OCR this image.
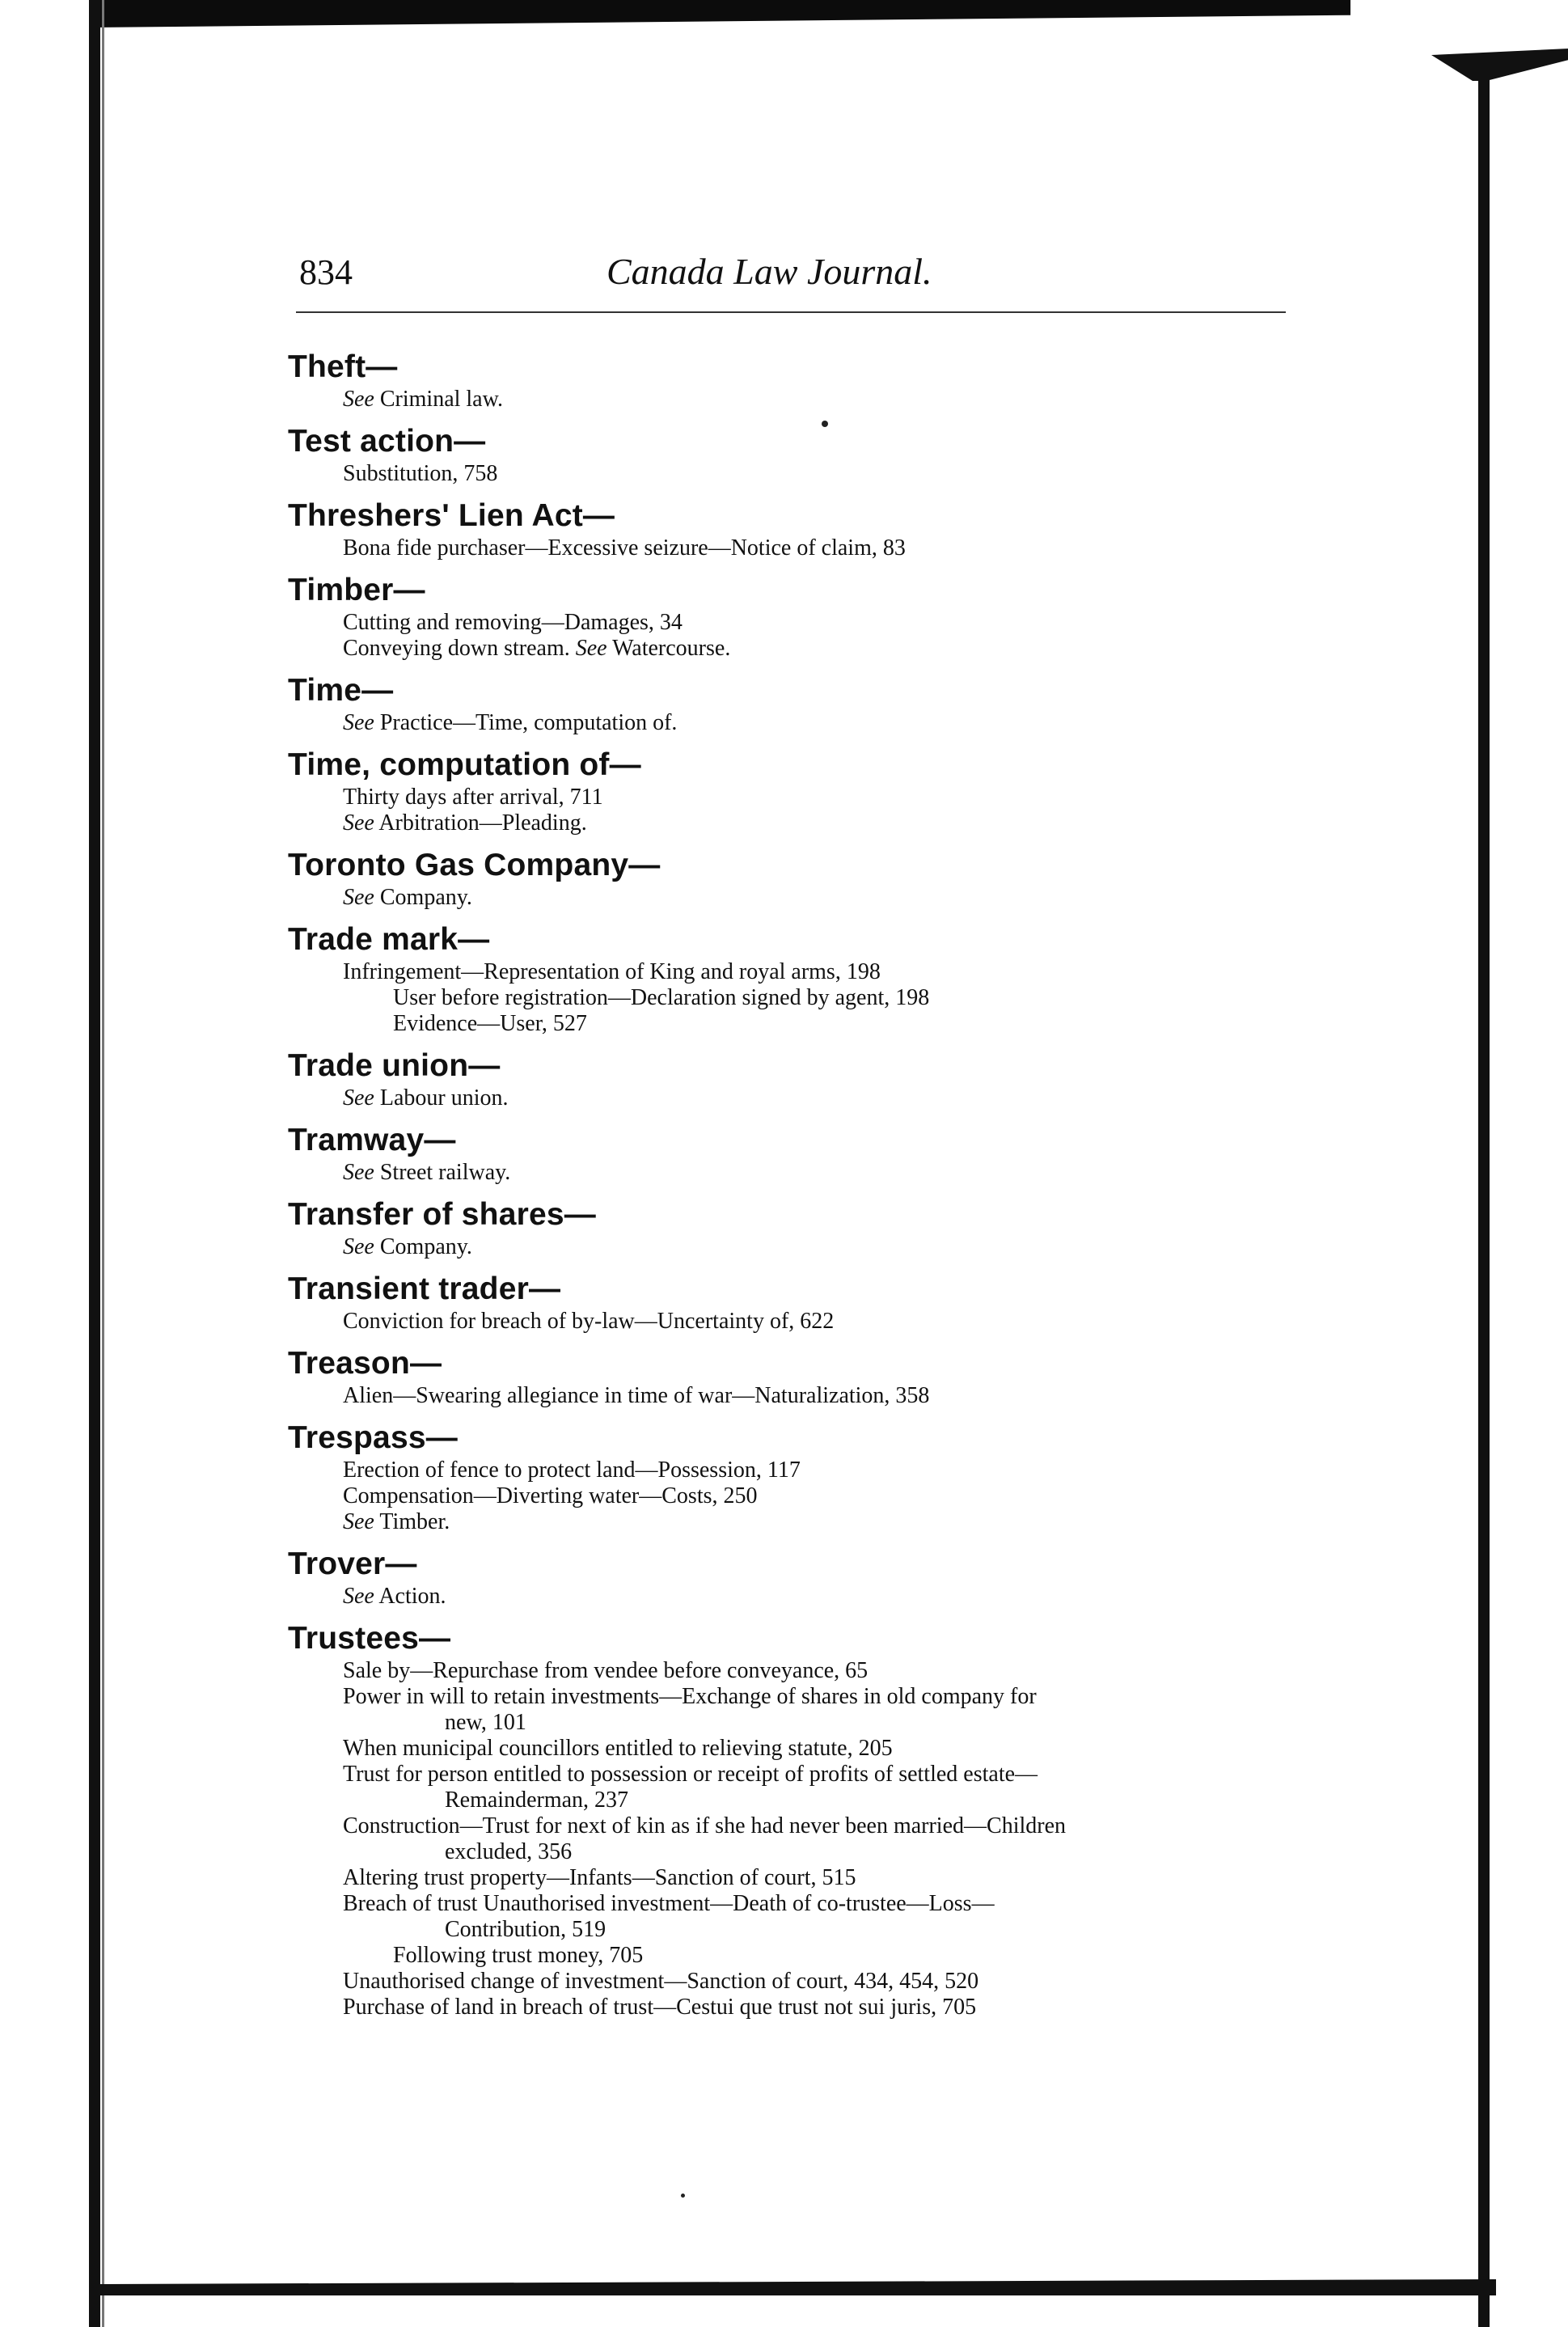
834	Canada Law Journal.
Theft—
See Criminal law.
Test action—
Substitution, 758
Threshers' Lien Act—
Bona fide purchaser—Excessive seizure—Notice of claim, 83
Timber—
Cutting and removing—Damages, 34
Conveying down stream. See Watercourse.
Time—
See Practice—Time, computation of.
Time, computation of—
Thirty days after arrival, 711
See Arbitration—Pleading.
Toronto Gas Company—
See Company.
Trade mark—
Infringement—Representation of King and royal arms, 198
User before registration—Declaration signed by agent, 198
Evidence—User, 527
Trade union—
See Labour union.
Tramway—
See Street railway.
Transfer of shares—
See Company.
Transient trader—
Conviction for breach of by-law—Uncertainty of, 622
Treason—
Alien—Swearing allegiance in time of war—Naturalization, 358
Trespass—
Erection of fence to protect land—Possession, 117
Compensation—Diverting water—Costs, 250
See Timber.
Trover—
See Action.
Trustees—
Sale by—Repurchase from vendee before conveyance, 65
Power in will to retain investments—Exchange of shares in old company for
new, 101
When municipal councillors entitled to relieving statute, 205
Trust for person entitled to possession or receipt of profits of settled estate—
Remainderman, 237
Construction—Trust for next of kin as if she had never been married—Children
excluded, 356
Altering trust property—Infants—Sanction of court, 515
Breach of trust Unauthorised investment—Death of co-trustee—Loss—
Contribution, 519
Following trust money, 705
Unauthorised change of investment—Sanction of court, 434, 454, 520
Purchase of land in breach of trust—Cestui que trust not sui juris, 705
